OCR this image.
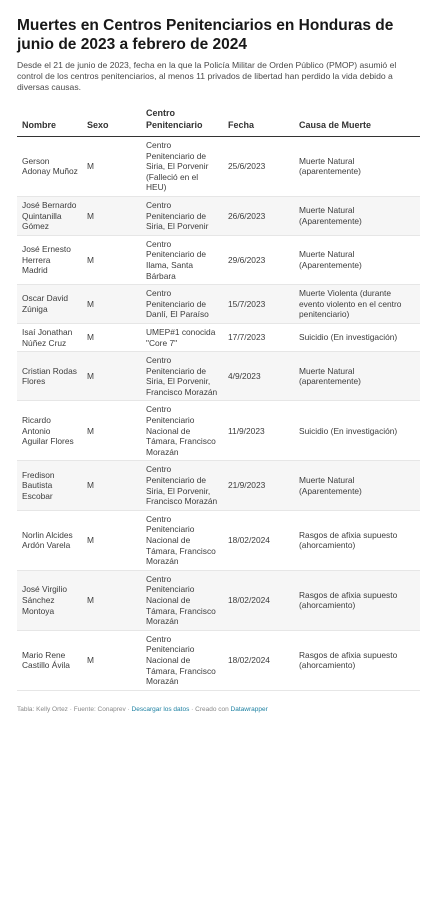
Muertes en Centros Penitenciarios en Honduras de junio de 2023 a febrero de 2024

Desde el 21 de junio de 2023, fecha en la que la Policía Militar de Orden Público (PMOP) asumió el control de los centros penitenciarios, al menos 11 privados de libertad han perdido la vida debido a diversas causas.

Nombre	Sexo	Centro Penitenciario	Fecha	Causa de Muerte
Gerson Adonay Muñoz	M	Centro Penitenciario de Siria, El Porvenir (Falleció en el HEU)	25/6/2023	Muerte Natural (aparentemente)
José Bernardo Quintanilla Gómez	M	Centro Penitenciario de Siria, El Porvenir	26/6/2023	Muerte Natural (Aparentemente)
José Ernesto Herrera Madrid	M	Centro Penitenciario de Ilama, Santa Bárbara	29/6/2023	Muerte Natural (Aparentemente)
Oscar David Zúniga	M	Centro Penitenciario de Danlí, El Paraíso	15/7/2023	Muerte Violenta (durante evento violento en el centro penitenciario)
Isaí Jonathan Núñez Cruz	M	UMEP#1 conocida "Core 7"	17/7/2023	Suicidio (En investigación)
Cristian Rodas Flores	M	Centro Penitenciario de Siria, El Porvenir, Francisco Morazán	4/9/2023	Muerte Natural (aparentemente)
Ricardo Antonio Aguilar Flores	M	Centro Penitenciario Nacional de Támara, Francisco Morazán	11/9/2023	Suicidio (En investigación)
Fredison Bautista Escobar	M	Centro Penitenciario de Siria, El Porvenir, Francisco Morazán	21/9/2023	Muerte Natural (Aparentemente)
Norlin Alcides Ardón Varela	M	Centro Penitenciario Nacional de Támara, Francisco Morazán	18/02/2024	Rasgos de afixia supuesto (ahorcamiento)
José Virgilio Sánchez Montoya	M	Centro Penitenciario Nacional de Támara, Francisco Morazán	18/02/2024	Rasgos de afixia supuesto (ahorcamiento)
Mario Rene Castillo Ávila	M	Centro Penitenciario Nacional de Támara, Francisco Morazán	18/02/2024	Rasgos de afixia supuesto (ahorcamiento)
Tabla: Kelly Ortez · Fuente: Conaprev · Descargar los datos · Creado con Datawrapper
